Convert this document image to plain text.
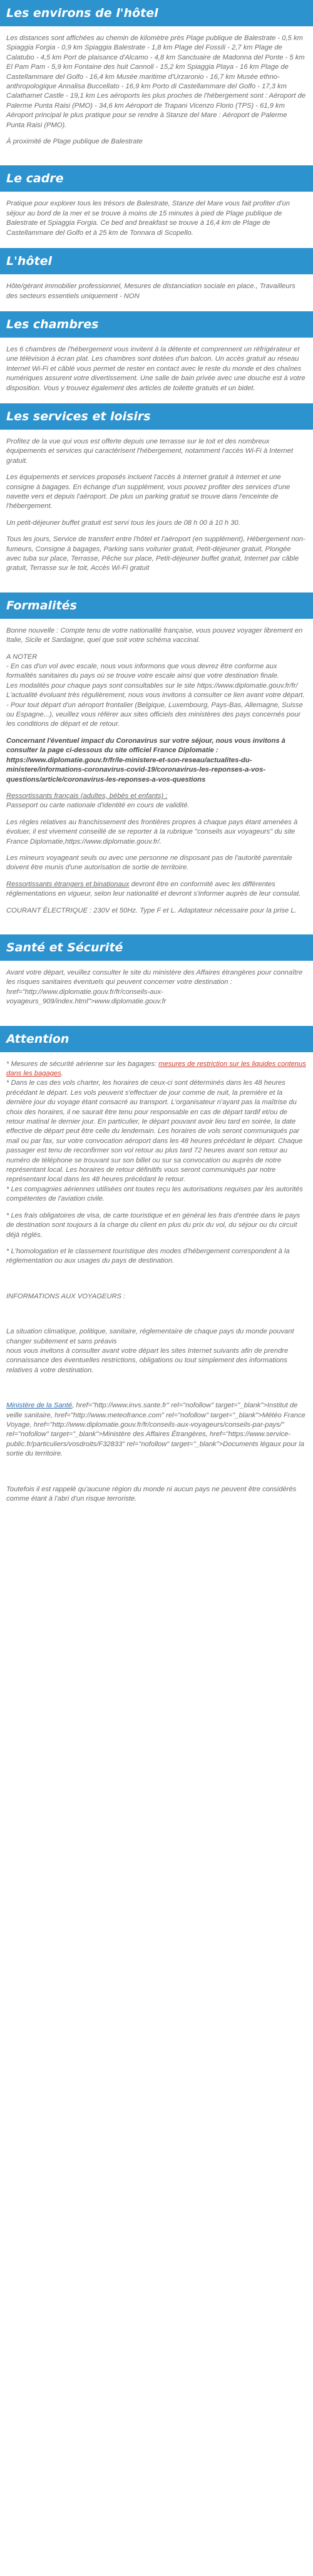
Les environs de l'hôtel

Les distances sont affichées au chemin de kilomètre près Plage publique de Balestrate - 0,5 km Spiaggia Forgia - 0,9 km Spiaggia Balestrate - 1,8 km Plage del Fossili - 2,7 km Plage de Calatubo - 4,5 km Port de plaisance d'Alcamo - 4,8 km Sanctuaire de Madonna del Ponte - 5 km El Pam Pam - 5,9 km Fontaine des huit Cannoli - 15,2 km Spiaggia Playa - 16 km Plage de Castellammare del Golfo - 16,4 km Musée maritime d'Urzaronio - 16,7 km Musée ethno-anthropologique Annalisa Buccellato - 16,9 km Porto di Castellammare del Golfo - 17,3 km Calathamet Castle - 19,1 km Les aéroports les plus proches de l'hébergement sont : Aéroport de Palerme Punta Raisi (PMO) - 34,6 km Aéroport de Trapani Vicenzo Florio (TPS) - 61,9 km Aéroport principal le plus pratique pour se rendre à Stanze del Mare : Aéroport de Palerme Punta Raisi (PMO).

À proximité de Plage publique de Balestrate

Le cadre

Pratique pour explorer tous les trésors de Balestrate, Stanze del Mare vous fait profiter d'un séjour au bord de la mer et se trouve à moins de 15 minutes à pied de Plage publique de Balestrate et Spiaggia Forgia. Ce bed and breakfast se trouve à 16,4 km de Plage de Castellammare del Golfo et à 25 km de Tonnara di Scopello.

L'hôtel

Hôte/gérant immobilier professionnel, Mesures de distanciation sociale en place., Travailleurs des secteurs essentiels uniquement - NON

Les chambres

Les 6 chambres de l'hébergement vous invitent à la détente et comprennent un réfrigérateur et une télévision à écran plat. Les chambres sont dotées d'un balcon. Un accès gratuit au réseau Internet Wi-Fi et câblé vous permet de rester en contact avec le reste du monde et des chaînes numériques assurent votre divertissement. Une salle de bain privée avec une douche est à votre disposition. Vous y trouvez également des articles de toilette gratuits et un bidet.

Les services et loisirs

Profitez de la vue qui vous est offerte depuis une terrasse sur le toit et des nombreux équipements et services qui caractérisent l'hébergement, notamment l'accès Wi-Fi à Internet gratuit.

Les équipements et services proposés incluent l'accès à Internet gratuit à Internet et une consigne à bagages. En échange d'un supplément, vous pouvez profiter des services d'une navette vers et depuis l'aéroport. De plus un parking gratuit se trouve dans l'enceinte de l'hébergement.

Un petit-déjeuner buffet gratuit est servi tous les jours de 08 h 00 à 10 h 30.

Tous les jours, Service de transfert entre l'hôtel et l'aéroport (en supplément), Hébergement non-fumeurs, Consigne à bagages, Parking sans voiturier gratuit, Petit-déjeuner gratuit, Plongée avec tuba sur place, Terrasse, Pêche sur place, Petit-déjeuner buffet gratuit, Internet par câble gratuit, Terrasse sur le toit, Accès Wi-Fi gratuit

Formalités

Bonne nouvelle : Compte tenu de votre nationalité française, vous pouvez voyager librement en Italie, Sicile et Sardaigne, quel que soit votre schéma vaccinal.

A NOTER
- En cas d'un vol avec escale, nous vous informons que vous devrez être conforme aux formalités sanitaires du pays où se trouve votre escale ainsi que votre destination finale.
Les modalités pour chaque pays sont consultables sur le site https://www.diplomatie.gouv.fr/fr/ L'actualité évoluant très régulièrement, nous vous invitons à consulter ce lien avant votre départ.
- Pour tout départ d'un aéroport frontalier (Belgique, Luxembourg, Pays-Bas, Allemagne, Suisse ou Espagne...), veuillez vous référer aux sites officiels des ministères des pays concernés pour les conditions de départ et de retour.

Concernant l'éventuel impact du Coronavirus sur votre séjour, nous vous invitons à consulter la page ci-dessous du site officiel France Diplomatie : https://www.diplomatie.gouv.fr/fr/le-ministere-et-son-reseau/actualites-du-ministere/informations-coronavirus-covid-19/coronavirus-les-reponses-a-vos-questions/article/coronavirus-les-reponses-a-vos-questions

Ressortissants français (adultes, bébés et enfants) :
Passeport ou carte nationale d'identité en cours de validité.

Les règles relatives au franchissement des frontières propres à chaque pays étant amenées à évoluer, il est vivement conseillé de se reporter à la rubrique "conseils aux voyageurs" du site France Diplomatie,https://www.diplomatie.gouv.fr/.

Les mineurs voyageant seuls ou avec une personne ne disposant pas de l'autorité parentale doivent être munis d'une autorisation de sortie de territoire.

Ressortissants étrangers et binationaux devront être en conformité avec les différentes réglementations en vigueur, selon leur nationalité et devront s'informer auprès de leur consulat.

COURANT ÉLECTRIQUE : 230V et 50Hz. Type F et L. Adaptateur nécessaire pour la prise L.

Santé et Sécurité

Avant votre départ, veuillez consulter le site du ministère des Affaires étrangères pour connaître les risques sanitaires éventuels qui peuvent concerner votre destination : href="http://www.diplomatie.gouv.fr/fr/conseils-aux-voyageurs_909/index.html">www.diplomatie.gouv.fr

Attention

* Mesures de sécurité aérienne sur les bagages: mesures de restriction sur les liquides contenus dans les bagages.
* Dans le cas des vols charter, les horaires de ceux-ci sont déterminés dans les 48 heures précédant le départ. Les vols peuvent s'effectuer de jour comme de nuit, la première et la dernière jour du voyage étant consacré au transport. L'organisateur n'ayant pas la maîtrise du choix des horaires, il ne saurait être tenu pour responsable en cas de départ tardif et/ou de retour matinal le dernier jour. En particulier, le départ pouvant avoir lieu tard en soirée, la date effective de départ peut être celle du lendemain. Les horaires de vols seront communiqués par mail ou par fax, sur votre convocation aéroport dans les 48 heures précédant le départ. Chaque passager est tenu de reconfirmer son vol retour au plus tard 72 heures avant son retour au numéro de téléphone se trouvant sur son billet ou sur sa convocation ou auprès de notre représentant local. Les horaires de retour définitifs vous seront communiqués par notre représentant local dans les 48 heures précédant le retour.
* Les compagnies aériennes utilisées ont toutes reçu les autorisations requises par les autorités compétentes de l'aviation civile.

* Les frais obligatoires de visa, de carte touristique et en général les frais d'entrée dans le pays de destination sont toujours à la charge du client en plus du prix du vol, du séjour ou du circuit déjà réglés.

* L'homologation et le classement touristique des modes d'hébergement correspondent à la réglementation ou aux usages du pays de destination.

INFORMATIONS AUX VOYAGEURS :

La situation climatique, politique, sanitaire, réglementaire de chaque pays du monde pouvant changer subitement et sans préavis
nous vous invitons à consulter avant votre départ les sites Internet suivants afin de prendre connaissance des éventuelles restrictions, obligations ou tout simplement des informations relatives à votre destination.

Ministère de la Santé, href="http://www.invs.sante.fr" rel="nofollow" target="_blank">Institut de veille sanitaire, href="http://www.meteofrance.com" rel="nofollow" target="_blank">Météo France Voyage, href="http://www.diplomatie.gouv.fr/fr/conseils-aux-voyageurs/conseils-par-pays/" rel="nofollow" target="_blank">Ministère des Affaires Étrangères, href="https://www.service-public.fr/particuliers/vosdroits/F32833" rel="nofollow" target="_blank">Documents légaux pour la sortie du territoire.

Toutefois il est rappelé qu'aucune région du monde ni aucun pays ne peuvent être considérés comme étant à l'abri d'un risque terroriste.
